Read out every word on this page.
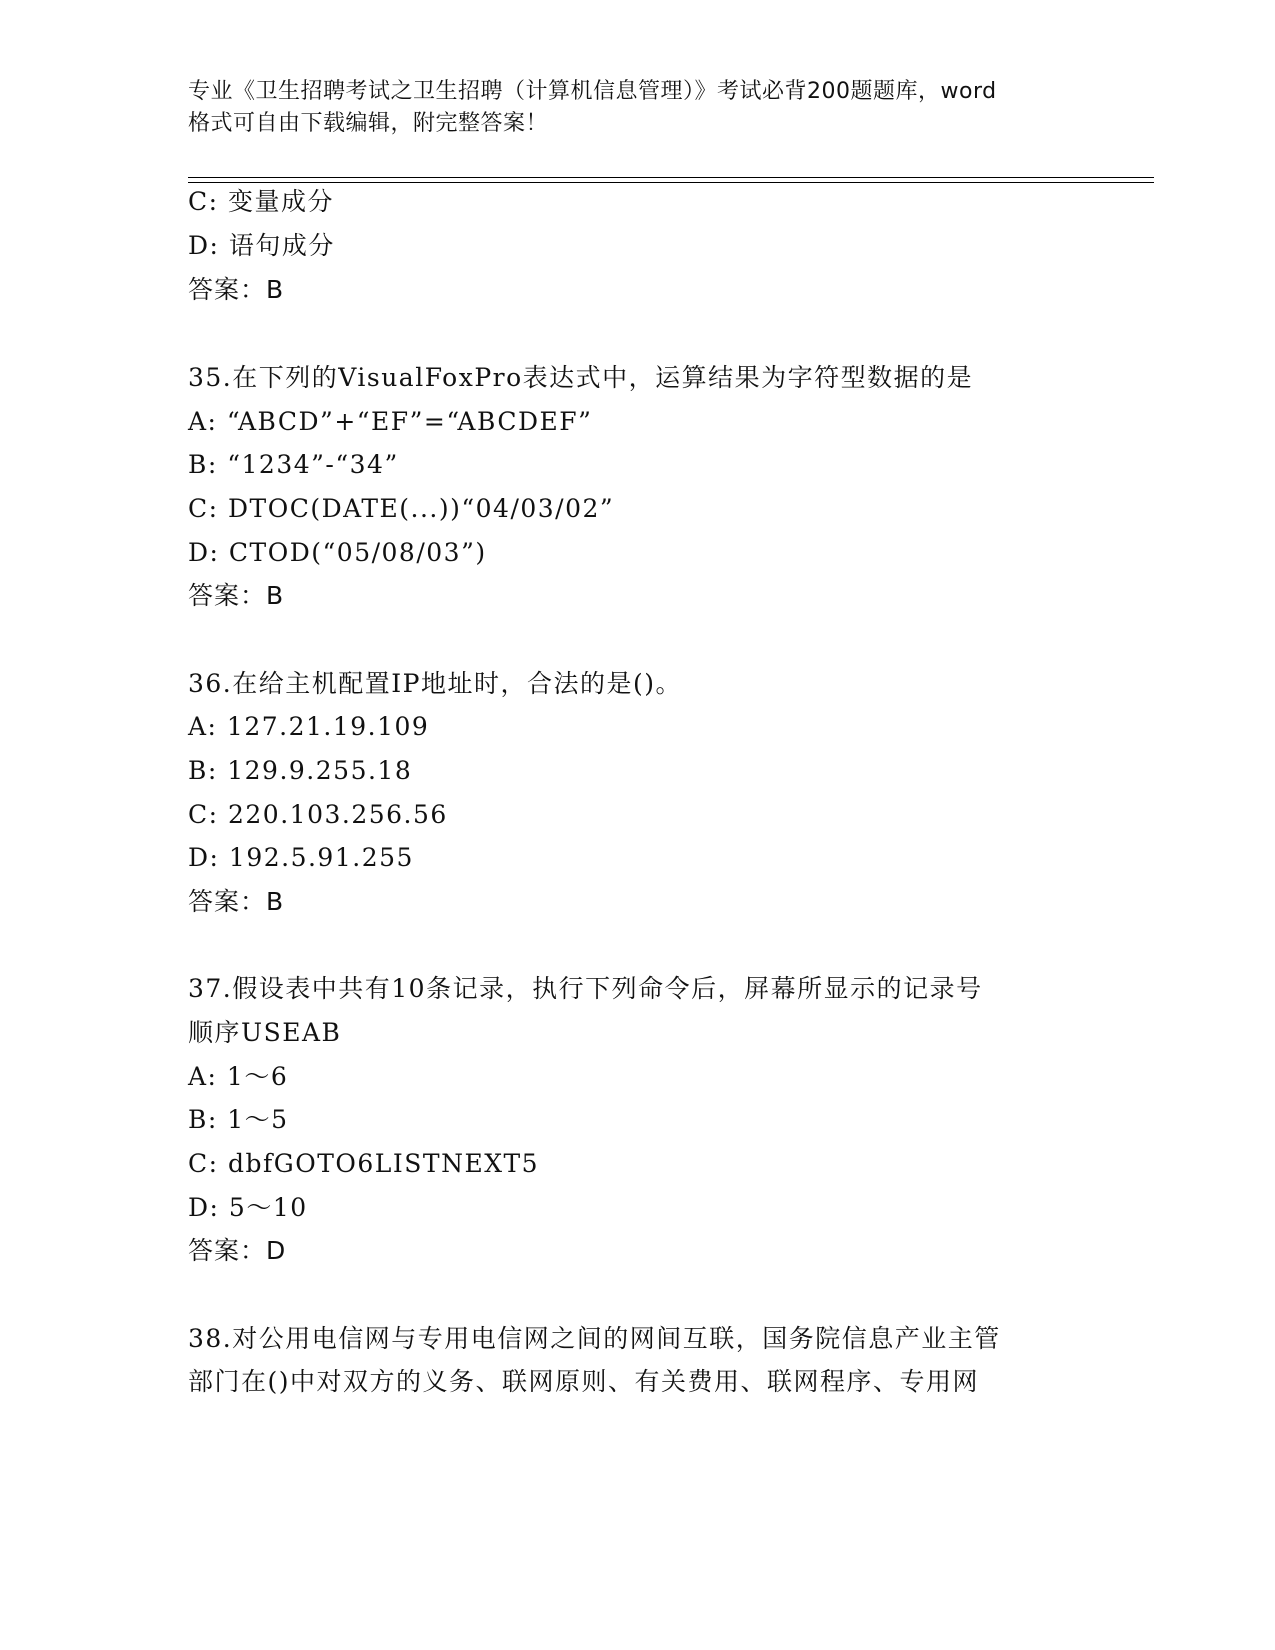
专业《卫生招聘考试之卫生招聘（计算机信息管理）》考试必背200题题库，word
格式可自由下载编辑，附完整答案！
C: 变量成分
D: 语句成分
答案：B
35.在下列的VisualFoxPro表达式中，运算结果为字符型数据的是
A: “ABCD”+“EF”=“ABCDEF”
B: “1234”-“34”
C: DTOC(DATE(...))“04/03/02”
D: CTOD(“05/08/03”)
答案：B
36.在给主机配置IP地址时，合法的是()。
A: 127.21.19.109
B: 129.9.255.18
C: 220.103.256.56
D: 192.5.91.255
答案：B
37.假设表中共有10条记录，执行下列命令后，屏幕所显示的记录号
顺序USEAB
A: 1～6
B: 1～5
C: dbfGOTO6LISTNEXT5
D: 5～10
答案：D
38.对公用电信网与专用电信网之间的网间互联，国务院信息产业主管
部门在()中对双方的义务、联网原则、有关费用、联网程序、专用网
